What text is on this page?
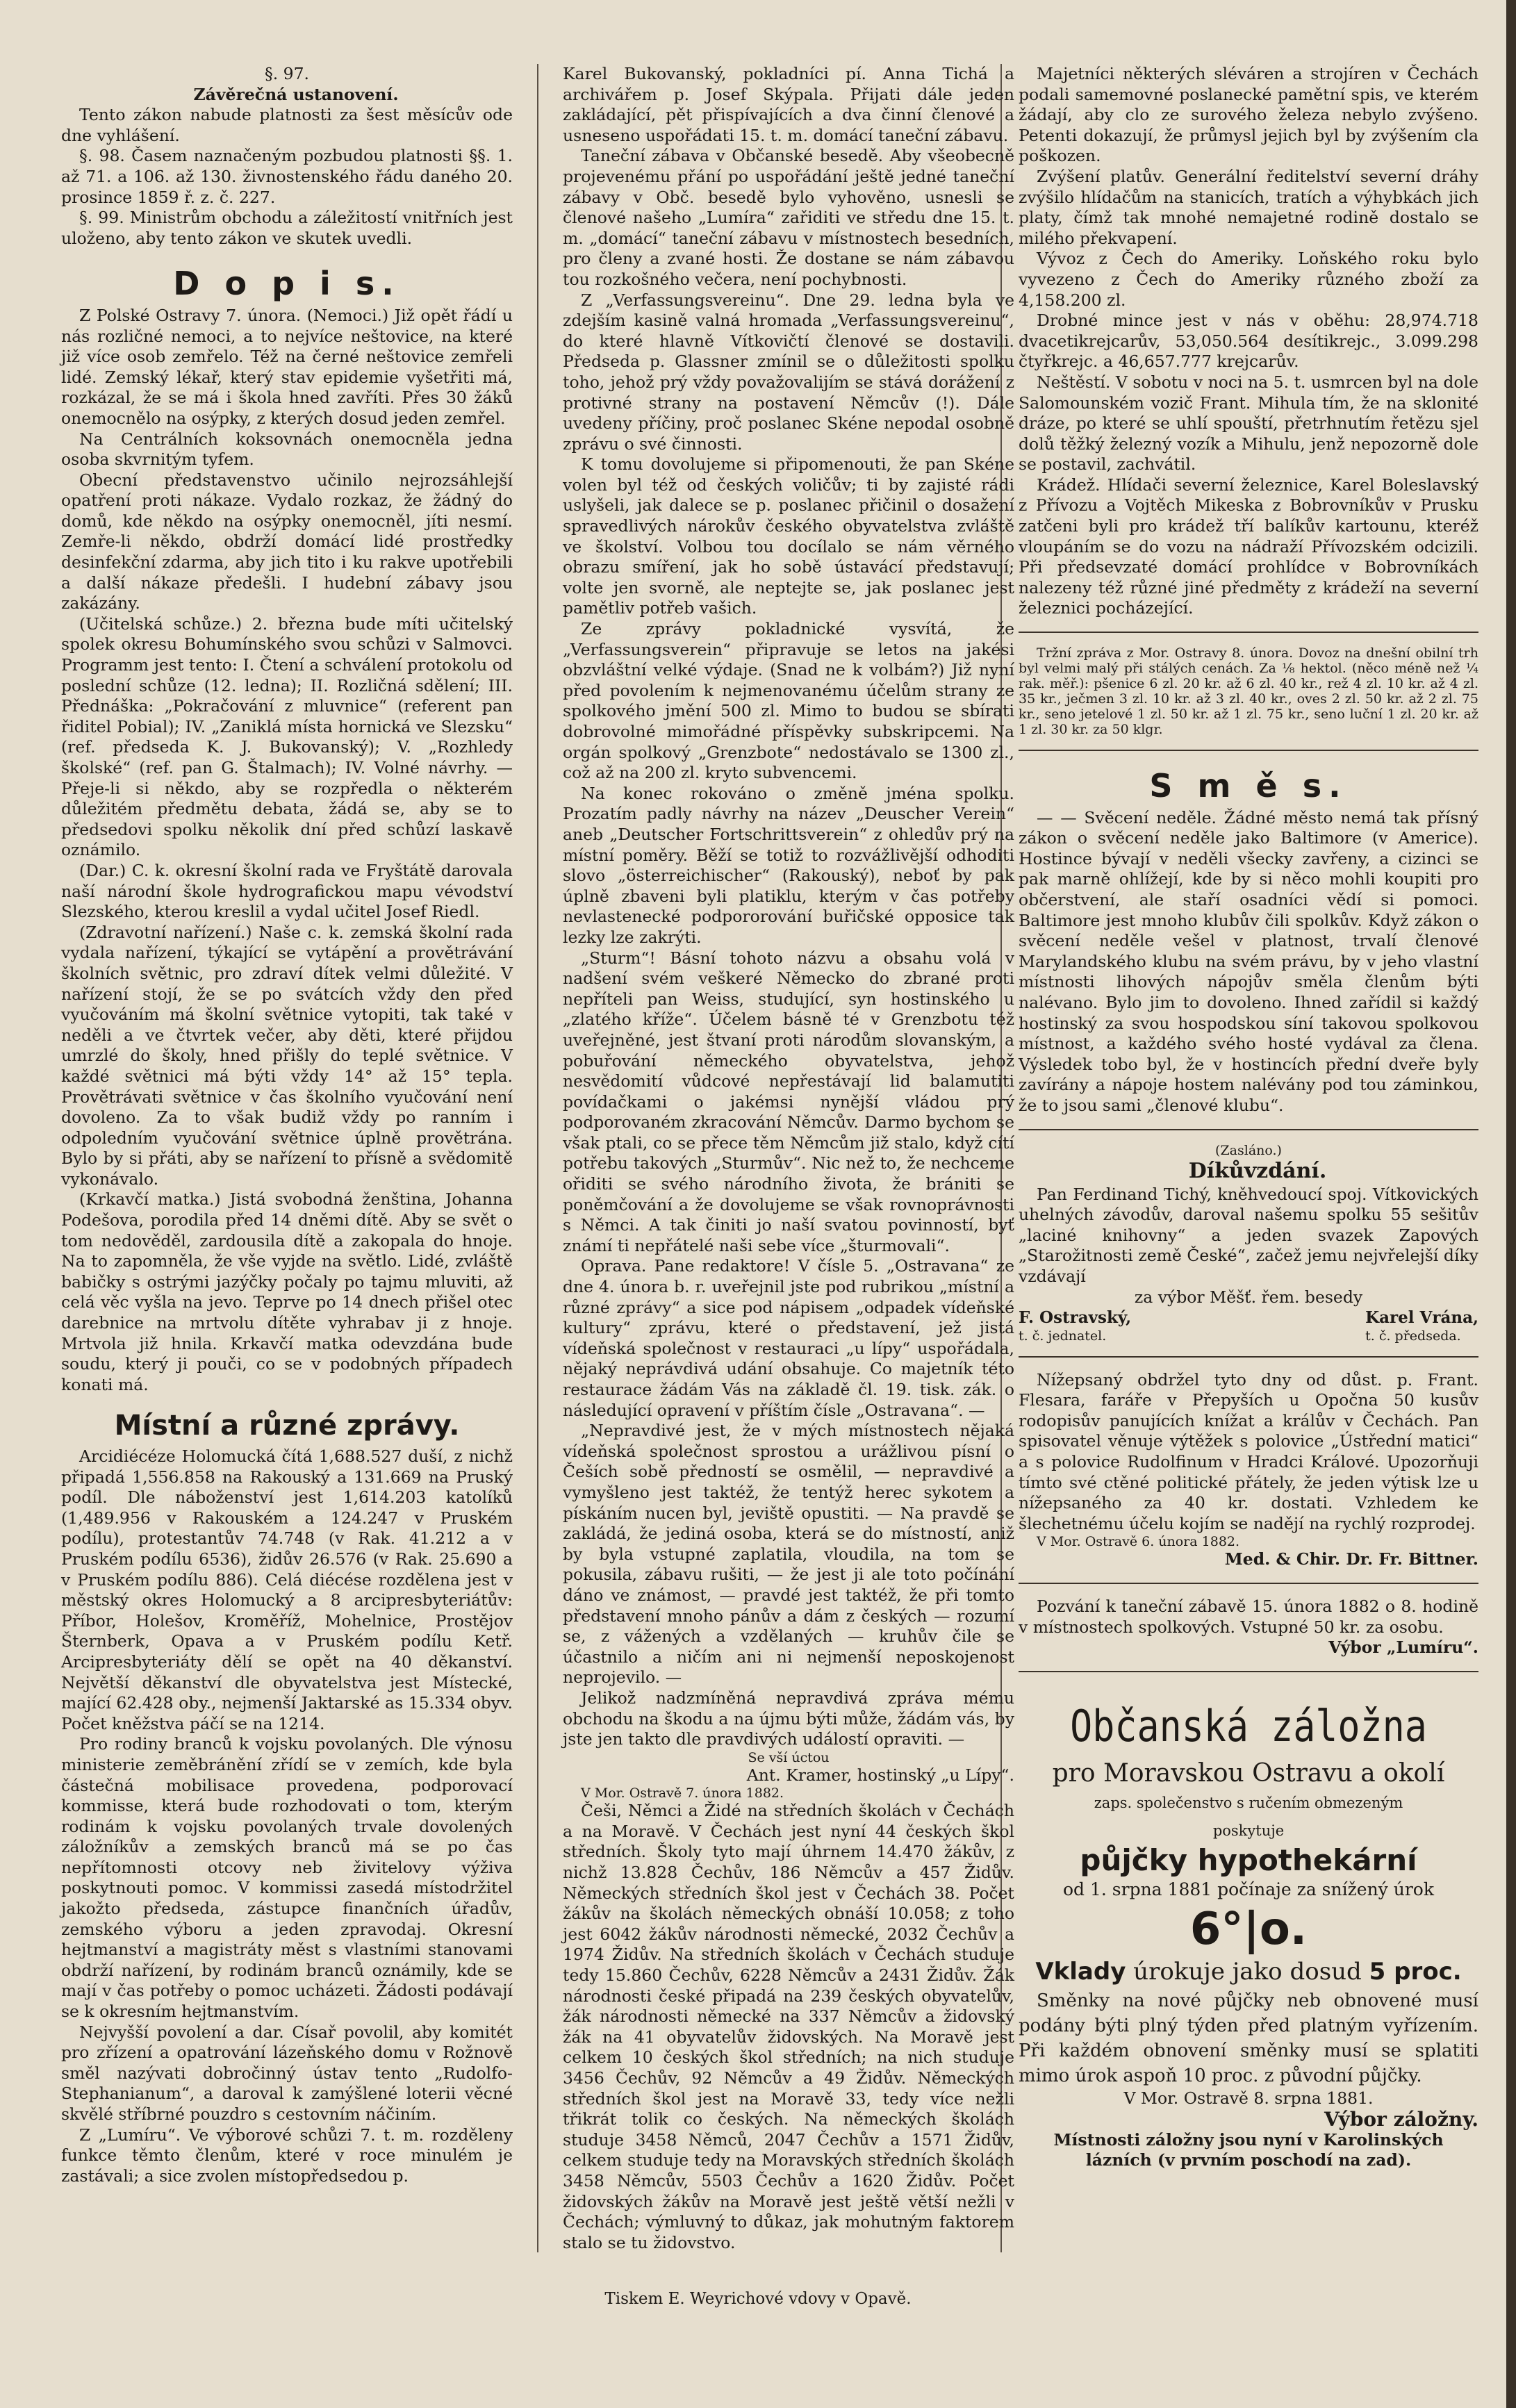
§. 97.

Závěrečná ustanovení.

Tento zákon nabude platnosti za šest měsícův ode dne vyhlášení.

§. 98. Časem naznačeným pozbudou platnosti §§. 1. až 71. a 106. až 130. živnostenského řádu daného 20. prosince 1859 ř. z. č. 227.

§. 99. Ministrům obchodu a záležitostí vnitřních jest uloženo, aby tento zákon ve skutek uvedli.

D o p i s.

Z Polské Ostravy 7. února. (Nemoci.) Již opět řádí u nás rozličné nemoci, a to nejvíce neštovice, na které již více osob zemřelo. Též na černé neštovice zemřeli lidé. Zemský lékař, který stav epidemie vyšetřiti má, rozkázal, že se má i škola hned zavříti. Přes 30 žáků onemocnělo na osýpky, z kterých dosud jeden zemřel.

Na Centrálních koksovnách onemocněla jedna osoba skvrnitým tyfem.

Obecní představenstvo učinilo nejrozsáhlejší opatření proti nákaze. Vydalo rozkaz, že žádný do domů, kde někdo na osýpky onemocněl, jíti nesmí. Zemře-li někdo, obdrží domácí lidé prostředky desinfekční zdarma, aby jich tito i ku rakve upotřebili a další nákaze předešli. I hudební zábavy jsou zakázány.

(Učitelská schůze.) 2. března bude míti učitelský spolek okresu Bohumínského svou schůzi v Salmovci. Programm jest tento: I. Čtení a schválení protokolu od poslední schůze (12. ledna); II. Rozličná sdělení; III. Přednáška: „Pokračování z mluvnice“ (referent pan řiditel Pobial); IV. „Zaniklá místa hornická ve Slezsku“ (ref. předseda K. J. Bukovanský); V. „Rozhledy školské“ (ref. pan G. Štalmach); IV. Volné návrhy. — Přeje-li si někdo, aby se rozpředla o některém důležitém předmětu debata, žádá se, aby se to předsedovi spolku několik dní před schůzí laskavě oznámilo.

(Dar.) C. k. okresní školní rada ve Fryštátě darovala naší národní škole hydrografickou mapu vévodství Slezského, kterou kreslil a vydal učitel Josef Riedl.

(Zdravotní nařízení.) Naše c. k. zemská školní rada vydala nařízení, týkající se vytápění a provětrávání školních světnic, pro zdraví dítek velmi důležité. V nařízení stojí, že se po svátcích vždy den před vyučováním má školní světnice vytopiti, tak také v neděli a ve čtvrtek večer, aby děti, které přijdou umrzlé do školy, hned přišly do teplé světnice. V každé světnici má býti vždy 14° až 15° tepla. Provětrávati světnice v čas školního vyučování není dovoleno. Za to však budiž vždy po ranním i odpoledním vyučování světnice úplně provětrána. Bylo by si přáti, aby se nařízení to přísně a svědomitě vykonávalo.

(Krkavčí matka.) Jistá svobodná ženština, Johanna Podešova, porodila před 14 dněmi dítě. Aby se svět o tom nedověděl, zardousila dítě a zakopala do hnoje. Na to zapomněla, že vše vyjde na světlo. Lidé, zvláště babičky s ostrými jazýčky počaly po tajmu mluviti, až celá věc vyšla na jevo. Teprve po 14 dnech přišel otec darebnice na mrtvolu dítěte vyhrabav ji z hnoje. Mrtvola již hnila. Krkavčí matka odevzdána bude soudu, který ji pouči, co se v podobných případech konati má.

Místní a různé zprávy.

Arcidiécéze Holomucká čítá 1,688.527 duší, z nichž připadá 1,556.858 na Rakouský a 131.669 na Pruský podíl. Dle náboženství jest 1,614.203 katolíků (1,489.956 v Rakouském a 124.247 v Pruském podílu), protestantův 74.748 (v Rak. 41.212 a v Pruském podílu 6536), židův 26.576 (v Rak. 25.690 a v Pruském podílu 886). Celá diécése rozdělena jest v městský okres Holomucký a 8 arcipresbyteriátův: Příbor, Holešov, Kroměříž, Mohelnice, Prostějov Šternberk, Opava a v Pruském podílu Ketř. Arcipresbyteriáty dělí se opět na 40 děkanství. Největší děkanství dle obyvatelstva jest Místecké, mající 62.428 oby., nejmenší Jaktarské as 15.334 obyv. Počet kněžstva páčí se na 1214.

Pro rodiny branců k vojsku povolaných. Dle výnosu ministerie zeměbránění zřídí se v zemích, kde byla částečná mobilisace provedena, podporovací kommisse, která bude rozhodovati o tom, kterým rodinám k vojsku povolaných trvale dovolených záložníkův a zemských branců má se po čas nepřítomnosti otcovy neb živitelovy výživa poskytnouti pomoc. V kommissi zasedá místodržitel jakožto předseda, zástupce finančních úřadův, zemského výboru a jeden zpravodaj. Okresní hejtmanství a magistráty měst s vlastními stanovami obdrží nařízení, by rodinám branců oznámily, kde se mají v čas potřeby o pomoc ucházeti. Žádosti podávají se k okresním hejtmanstvím.

Nejvyšší povolení a dar. Císař povolil, aby komitét pro zřízení a opatrování lázeňského domu v Rožnově směl nazývati dobročinný ústav tento „Rudolfo-Stephanianum“, a daroval k zamýšlené loterii věcné skvělé stříbrné pouzdro s cestovním náčiním.

Z „Lumíru“. Ve výborové schůzi 7. t. m. rozděleny funkce těmto členům, které v roce minulém je zastávali; a sice zvolen místopředsedou p.

Karel Bukovanský, pokladníci pí. Anna Tichá a archivářem p. Josef Skýpala. Přijati dále jeden zakládající, pět přispívajících a dva činní členové a usneseno uspořádati 15. t. m. domácí taneční zábavu.

Taneční zábava v Občanské besedě. Aby všeobecně projevenému přání po uspořádání ještě jedné taneční zábavy v Obč. besedě bylo vyhověno, usnesli se členové našeho „Lumíra“ zařiditi ve středu dne 15. t. m. „domácí“ taneční zábavu v místnostech besedních, pro členy a zvané hosti. Že dostane se nám zábavou tou rozkošného večera, není pochybnosti.

Z „Verfassungsvereinu“. Dne 29. ledna byla ve zdejším kasině valná hromada „Verfassungsvereinu“, do které hlavně Vítkovičtí členové se dostavili. Předseda p. Glassner zmínil se o důležitosti spolku toho, jehož prý vždy považovalijím se stává dorážení z protivné strany na postavení Němcův (!). Dále uvedeny příčiny, proč poslanec Skéne nepodal osobně zprávu o své činnosti.

K tomu dovolujeme si připomenouti, že pan Skéne volen byl též od českých voličův; ti by zajisté rádi uslyšeli, jak dalece se p. poslanec přičinil o dosažení spravedlivých nárokův českého obyvatelstva zvláště ve školství. Volbou tou docílalo se nám věrného obrazu smíření, jak ho sobě ústavácí představují; volte jen svorně, ale neptejte se, jak poslanec jest pamětliv potřeb vašich.

Ze zprávy pokladnické vysvítá, že „Verfassungsverein“ připravuje se letos na jakési obzvláštní velké výdaje. (Snad ne k volbám?) Již nyní před povolením k nejmenovanému účelům strany ze spolkového jmění 500 zl. Mimo to budou se sbírati dobrovolné mimořádné příspěvky subskripcemi. Na orgán spolkový „Grenzbote“ nedostávalo se 1300 zl., což až na 200 zl. kryto subvencemi.

Na konec rokováno o změně jména spolku. Prozatím padly návrhy na název „Deuscher Verein“ aneb „Deutscher Fortschrittsverein“ z ohledův prý na místní poměry. Běží se totiž to rozvážlivější odhoditi slovo „österreichischer“ (Rakouský), neboť by pak úplně zbaveni byli platiklu, kterým v čas potřeby nevlastenecké podpororování buřičské opposice tak lezky lze zakrýti.

„Sturm“! Básní tohoto názvu a obsahu volá v nadšení svém veškeré Německo do zbrané proti nepříteli pan Weiss, studující, syn hostinského u „zlatého kříže“. Účelem básně té v Grenzbotu též uveřejněné, jest štvaní proti národům slovanským, a pobuřování německého obyvatelstva, jehož nesvědomití vůdcové nepřestávají lid balamutiti povídačkami o jakémsi nynější vládou prý podporovaném zkracování Němcův. Darmo bychom se však ptali, co se přece těm Němcům již stalo, když cítí potřebu takových „Sturmův“. Nic než to, že nechceme ořiditi se svého národního života, že brániti se poněmčování a že dovolujeme se však rovnoprávnosti s Němci. A tak činiti jo naší svatou povinností, byť známí ti nepřátelé naši sebe více „šturmovali“.

Oprava. Pane redaktore! V čísle 5. „Ostravana“ ze dne 4. února b. r. uveřejnil jste pod rubrikou „místní a různé zprávy“ a sice pod nápisem „odpadek vídeňské kultury“ zprávu, které o představení, jež jistá vídeňská společnost v restauraci „u lípy“ uspořádala, nějaký neprávdivá udání obsahuje. Co majetník této restaurace žádám Vás na základě čl. 19. tisk. zák. o následující opravení v příštím čísle „Ostravana“. —

„Nepravdivé jest, že v mých místnostech nějaká vídeňská společnost sprostou a urážlivou písní o Češích sobě předností se osmělil, — nepravdivé a vymyšleno jest taktéž, že tentýž herec sykotem a pískáním nucen byl, jeviště opustiti. — Na pravdě se zakládá, že jediná osoba, která se do místností, aniž by byla vstupné zaplatila, vloudila, na tom se pokusila, zábavu rušiti, — že jest ji ale toto počínání dáno ve známost, — pravdé jest taktéž, že při tomto představení mnoho pánův a dám z českých — rozumí se, z vážených a vzdělaných — kruhův čile se účastnilo a ničím ani ni nejmenší neposkojenost neprojevilo. —

Jelikož nadzmíněná nepravdivá zpráva mému obchodu na škodu a na újmu býti může, žádám vás, by jste jen takto dle pravdivých událostí opraviti. —

Se vší úctou

Ant. Kramer, hostinský „u Lípy“.

V Mor. Ostravě 7. února 1882.

Češi, Němci a Židé na středních školách v Čechách a na Moravě. V Čechách jest nyní 44 českých škol středních. Školy tyto mají úhrnem 14.470 žákův, z nichž 13.828 Čechův, 186 Němcův a 457 Židův. Německých středních škol jest v Čechách 38. Počet žákův na školách německých obnáší 10.058; z toho jest 6042 žákův národnosti německé, 2032 Čechův a 1974 Židův. Na středních školách v Čechách studuje tedy 15.860 Čechův, 6228 Němcův a 2431 Židův. Žák národnosti české připadá na 239 českých obyvatelův, žák národnosti německé na 337 Němcův a židovský žák na 41 obyvatelův židovských. Na Moravě jest celkem 10 českých škol středních; na nich studuje 3456 Čechův, 92 Němcův a 49 Židův. Německých středních škol jest na Moravě 33, tedy více nežli třikrát tolik co českých. Na německých školách studuje 3458 Němců, 2047 Čechův a 1571 Židův, celkem studuje tedy na Moravských středních školách 3458 Němcův, 5503 Čechův a 1620 Židův. Počet židovských žákův na Moravě jest ještě větší nežli v Čechách; výmluvný to důkaz, jak mohutným faktorem stalo se tu židovstvo.

Majetníci některých sléváren a strojíren v Čechách podali samemovné poslanecké pamětní spis, ve kterém žádají, aby clo ze surového železa nebylo zvýšeno. Petenti dokazují, že průmysl jejich byl by zvýšením cla poškozen.

Zvýšení platův. Generální ředitelství severní dráhy zvýšilo hlídačům na stanicích, tratích a výhybkách jich platy, čímž tak mnohé nemajetné rodině dostalo se milého překvapení.

Vývoz z Čech do Ameriky. Loňského roku bylo vyvezeno z Čech do Ameriky různého zboží za 4,158.200 zl.

Drobné mince jest v nás v oběhu: 28,974.718 dvacetikrejcarův, 53,050.564 desítikrejc., 3.099.298 čtyřkrejc. a 46,657.777 krejcarův.

Neštěstí. V sobotu v noci na 5. t. usmrcen byl na dole Salomounském vozič Frant. Mihula tím, že na sklonité dráze, po které se uhlí spouští, přetrhnutím řetězu sjel dolů těžký železný vozík a Mihulu, jenž nepozorně dole se postavil, zachvátil.

Krádež. Hlídači severní železnice, Karel Boleslavský z Přívozu a Vojtěch Mikeska z Bobrovníkův v Prusku zatčeni byli pro krádež tří balíkův kartounu, kteréž vloupáním se do vozu na nádraží Přívozském odcizili. Při předsevzaté domácí prohlídce v Bobrovníkách nalezeny též různé jiné předměty z krádeží na severní železnici pocházející.

Tržní zpráva z Mor. Ostravy 8. února. Dovoz na dnešní obilní trh byl velmi malý při stálých cenách. Za ⅛ hektol. (něco méně než ¼ rak. měř.): pšenice 6 zl. 20 kr. až 6 zl. 40 kr., rež 4 zl. 10 kr. až 4 zl. 35 kr., ječmen 3 zl. 10 kr. až 3 zl. 40 kr., oves 2 zl. 50 kr. až 2 zl. 75 kr., seno jetelové 1 zl. 50 kr. až 1 zl. 75 kr., seno luční 1 zl. 20 kr. až 1 zl. 30 kr. za 50 klgr.

S m ě s.

— — Svěcení neděle. Žádné město nemá tak přísný zákon o svěcení neděle jako Baltimore (v Americe). Hostince bývají v neděli všecky zavřeny, a cizinci se pak marně ohlížejí, kde by si něco mohli koupiti pro občerstvení, ale staří osadníci vědí si pomoci. Baltimore jest mnoho klubův čili spolkův. Když zákon o svěcení neděle vešel v platnost, trvalí členové Marylandského klubu na svém právu, by v jeho vlastní místnosti lihových nápojův směla členům býti nalévano. Bylo jim to dovoleno. Ihned zařídil si každý hostinský za svou hospodskou síní takovou spolkovou místnost, a každého svého hosté vydával za člena. Výsledek tobo byl, že v hostincích přední dveře byly zavírány a nápoje hostem nalévány pod tou záminkou, že to jsou sami „členové klubu“.

(Zasláno.)

Díkůvzdání.

Pan Ferdinand Tichý, kněhvedoucí spoj. Vítkovických uhelných závodův, daroval našemu spolku 55 sešitův „laciné knihovny“ a jeden svazek Zapových „Starožitnosti země České“, začež jemu nejvřelejší díky vzdávají

za výbor Měšť. řem. besedy

F. Ostravský,
t. č. jednatel.
Karel Vrána,
t. č. předseda.

Nížepsaný obdržel tyto dny od důst. p. Frant. Flesara, faráře v Přepyších u Opočna 50 kusův rodopisův panujících knížat a králův v Čechách. Pan spisovatel věnuje výtěžek s polovice „Ústřední matici“ a s polovice Rudolfinum v Hradci Králové. Upozorňuji tímto své ctěné politické přátely, že jeden výtisk lze u nížepsaného za 40 kr. dostati. Vzhledem ke šlechetnému účelu kojím se nadějí na rychlý rozprodej.

V Mor. Ostravě 6. února 1882.

Med. & Chir. Dr. Fr. Bittner.

Pozvání k taneční zábavě 15. února 1882 o 8. hodině v místnostech spolkových. Vstupné 50 kr. za osobu.

Výbor „Lumíru“.

Občanská záložna
pro Moravskou Ostravu a okolí
zaps. společenstvo s ručením obmezeným
poskytuje
půjčky hypothekární
od 1. srpna 1881 počínaje za snížený úrok
6°|o.
Vklady úrokuje jako dosud 5 proc.

Směnky na nové půjčky neb obnovené musí podány býti plný týden před platným vyřízením. Při každém obnovení směnky musí se splatiti mimo úrok aspoň 10 proc. z původní půjčky.

V Mor. Ostravě 8. srpna 1881.

Výbor záložny.

Místnosti záložny jsou nyní v Karolinských lázních (v prvním poschodí na zad).

Tiskem E. Weyrichové vdovy v Opavě.
